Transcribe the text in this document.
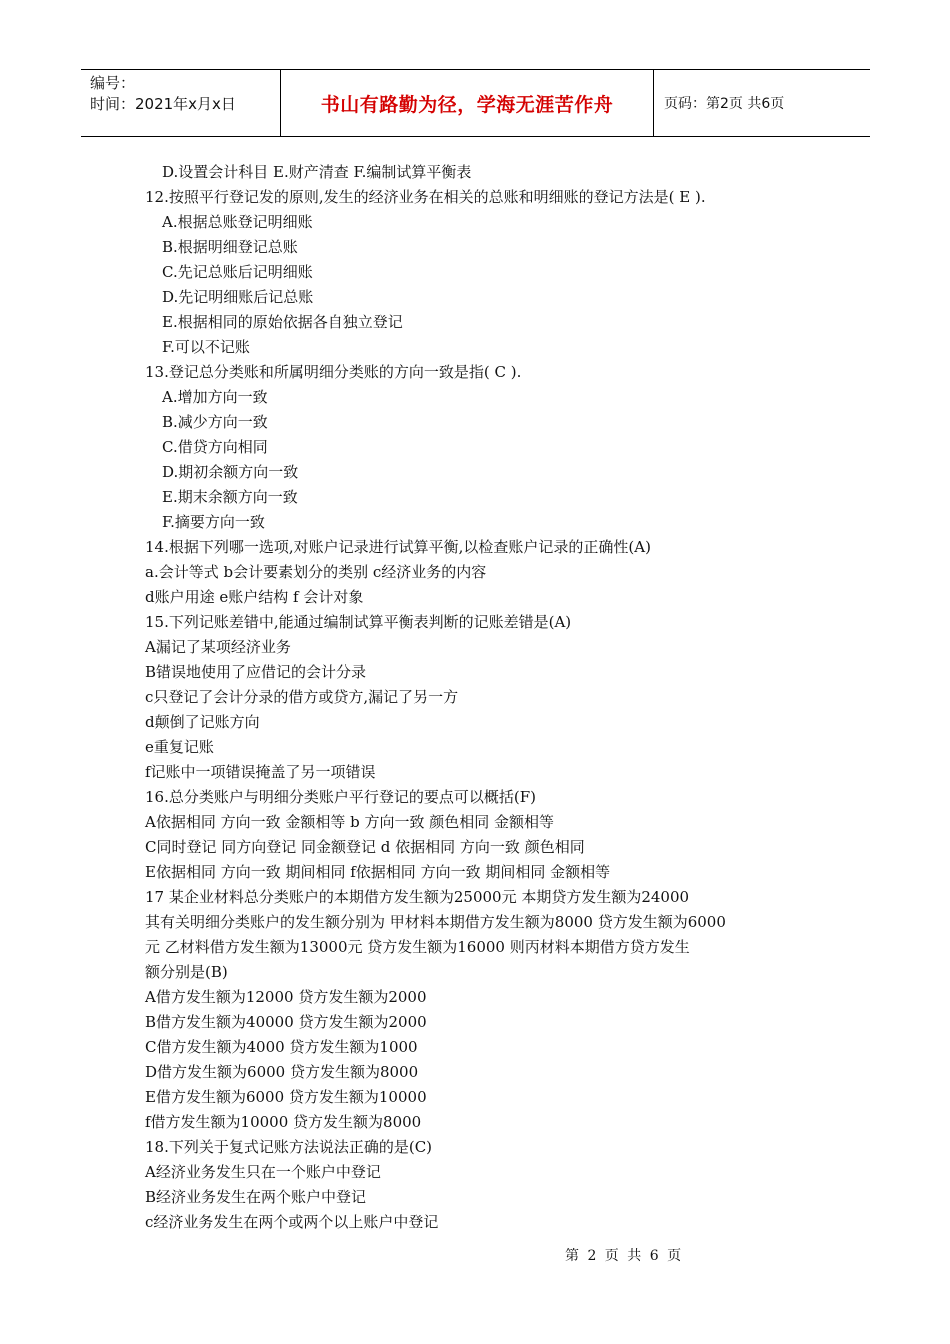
编号：
时间：2021年x月x日	书山有路勤为径，学海无涯苦作舟	页码：第2页 共6页
D.设置会计科目 E.财产清查 F.编制试算平衡表
12.按照平行登记发的原则,发生的经济业务在相关的总账和明细账的登记方法是( E ).
A.根据总账登记明细账
B.根据明细登记总账
C.先记总账后记明细账
D.先记明细账后记总账
E.根据相同的原始依据各自独立登记
F.可以不记账
13.登记总分类账和所属明细分类账的方向一致是指( C ).
A.增加方向一致
B.减少方向一致
C.借贷方向相同
D.期初余额方向一致
E.期末余额方向一致
F.摘要方向一致
14.根据下列哪一选项,对账户记录进行试算平衡,以检查账户记录的正确性(A)
a.会计等式 b会计要素划分的类别 c经济业务的内容
d账户用途 e账户结构 f 会计对象
15.下列记账差错中,能通过编制试算平衡表判断的记账差错是(A)
A漏记了某项经济业务
B错误地使用了应借记的会计分录
c只登记了会计分录的借方或贷方,漏记了另一方
d颠倒了记账方向
e重复记账
f记账中一项错误掩盖了另一项错误
16.总分类账户与明细分类账户平行登记的要点可以概括(F)
A依据相同 方向一致 金额相等 b 方向一致 颜色相同 金额相等
C同时登记 同方向登记 同金额登记 d 依据相同 方向一致 颜色相同
E依据相同 方向一致 期间相同 f依据相同 方向一致 期间相同 金额相等
17 某企业材料总分类账户的本期借方发生额为25000元 本期贷方发生额为24000
其有关明细分类账户的发生额分别为 甲材料本期借方发生额为8000 贷方发生额为6000
元 乙材料借方发生额为13000元 贷方发生额为16000 则丙材料本期借方贷方发生
额分别是(B)
A借方发生额为12000 贷方发生额为2000
B借方发生额为40000 贷方发生额为2000
C借方发生额为4000 贷方发生额为1000
D借方发生额为6000 贷方发生额为8000
E借方发生额为6000 贷方发生额为10000
f借方发生额为10000 贷方发生额为8000
18.下列关于复式记账方法说法正确的是(C)
A经济业务发生只在一个账户中登记
B经济业务发生在两个账户中登记
c经济业务发生在两个或两个以上账户中登记
第 2 页 共 6 页
